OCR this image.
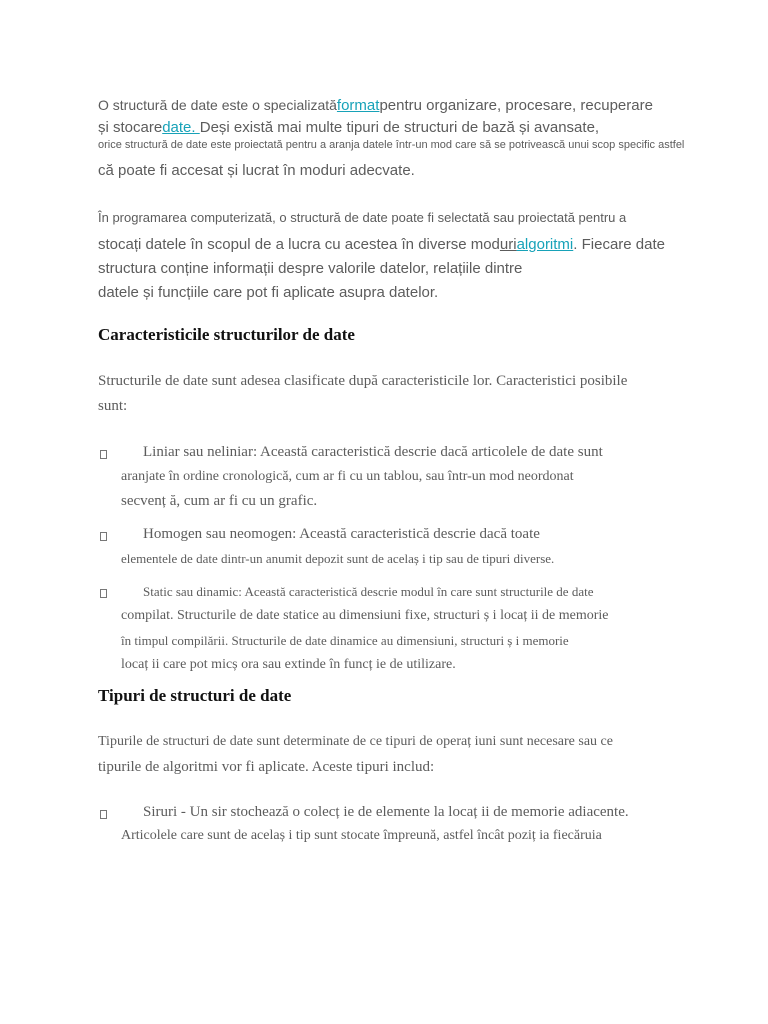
O structură de date este o specializatăformatpentru organizare, procesare, recuperare
și stocaredate. Deși există mai multe tipuri de structuri de bază și avansate,
orice structură de date este proiectată pentru a aranja datele într-un mod care să se potrivească unui scop specific astfel
că poate fi accesat și lucrat în moduri adecvate.
În programarea computerizată, o structură de date poate fi selectată sau proiectată pentru a
stocați datele în scopul de a lucra cu acestea în diverse modurialgoritmi. Fiecare date
structura conține informații despre valorile datelor, relațiile dintre
datele și funcțiile care pot fi aplicate asupra datelor.
Caracteristicile structurilor de date
Structurile de date sunt adesea clasificate după caracteristicile lor. Caracteristici posibile
sunt:
Liniar sau neliniar: Această caracteristică descrie dacă articolele de date sunt
aranjate în ordine cronologică, cum ar fi cu un tablou, sau într-un mod neordonat
secvenț ă, cum ar fi cu un grafic.
Homogen sau neomogen: Această caracteristică descrie dacă toate
elementele de date dintr-un anumit depozit sunt de acelaș i tip sau de tipuri diverse.
Static sau dinamic: Această caracteristică descrie modul în care sunt structurile de date
compilat. Structurile de date statice au dimensiuni fixe, structuri ș i locaț ii de memorie
în timpul compilării. Structurile de date dinamice au dimensiuni, structuri ș i memorie
locaț ii care pot micș ora sau extinde în funcț ie de utilizare.
Tipuri de structuri de date
Tipurile de structuri de date sunt determinate de ce tipuri de operaț iuni sunt necesare sau ce
tipurile de algoritmi vor fi aplicate. Aceste tipuri includ:
Siruri - Un sir stochează o colecț ie de elemente la locaț ii de memorie adiacente.
Articolele care sunt de acelaș i tip sunt stocate împreună, astfel încât poziț ia fiecăruia
